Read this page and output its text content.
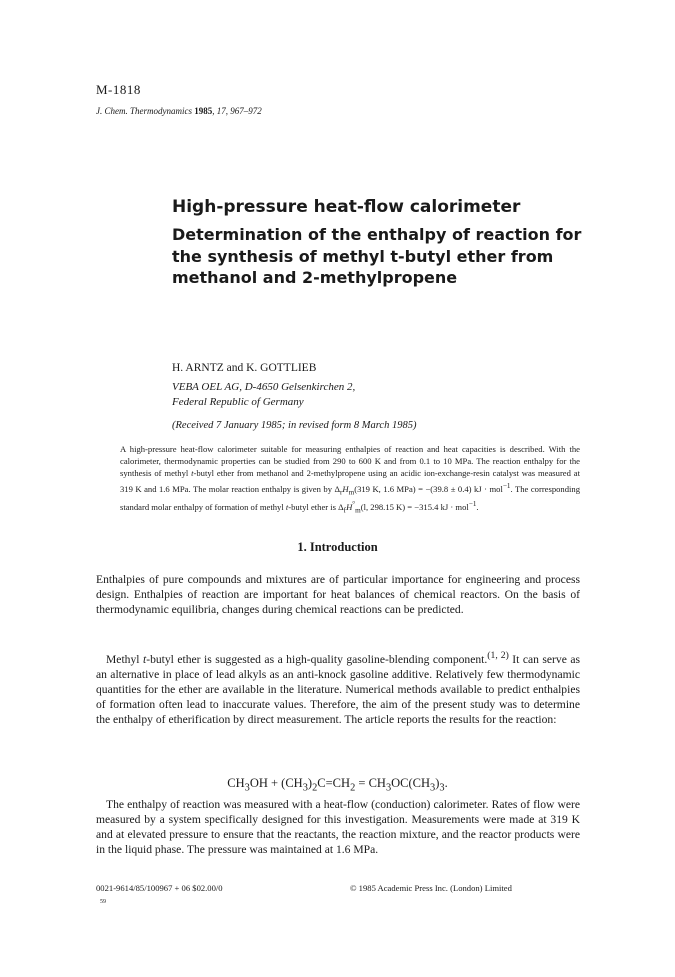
M-1818
J. Chem. Thermodynamics 1985, 17, 967–972
High-pressure heat-flow calorimeter
Determination of the enthalpy of reaction for the synthesis of methyl t-butyl ether from methanol and 2-methylpropene
H. ARNTZ and K. GOTTLIEB
VEBA OEL AG, D-4650 Gelsenkirchen 2,
Federal Republic of Germany
(Received 7 January 1985; in revised form 8 March 1985)
A high-pressure heat-flow calorimeter suitable for measuring enthalpies of reaction and heat capacities is described. With the calorimeter, thermodynamic properties can be studied from 290 to 600 K and from 0.1 to 10 MPa. The reaction enthalpy for the synthesis of methyl t-butyl ether from methanol and 2-methylpropene using an acidic ion-exchange-resin catalyst was measured at 319 K and 1.6 MPa. The molar reaction enthalpy is given by $\Delta_rH_m(319$ K, 1.6 MPa) = −(39.8 ± 0.4) kJ · mol$^{-1}$. The corresponding standard molar enthalpy of formation of methyl t-butyl ether is $\Delta_fH^\circ_m(l$, 298.15 K) = −315.4 kJ · mol$^{-1}$.
1. Introduction
Enthalpies of pure compounds and mixtures are of particular importance for engineering and process design. Enthalpies of reaction are important for heat balances of chemical reactors. On the basis of thermodynamic equilibria, changes during chemical reactions can be predicted.
Methyl t-butyl ether is suggested as a high-quality gasoline-blending component.$^{(1, 2)}$ It can serve as an alternative in place of lead alkyls as an anti-knock gasoline additive. Relatively few thermodynamic quantities for the ether are available in the literature. Numerical methods available to predict enthalpies of formation often lead to inaccurate values. Therefore, the aim of the present study was to determine the enthalpy of etherification by direct measurement. The article reports the results for the reaction:
$CH_3OH + (CH_3)_2C=CH_2 = CH_3OC(CH_3)_3$.
The enthalpy of reaction was measured with a heat-flow (conduction) calorimeter. Rates of flow were measured by a system specifically designed for this investigation. Measurements were made at 319 K and at elevated pressure to ensure that the reactants, the reaction mixture, and the reactor products were in the liquid phase. The pressure was maintained at 1.6 MPa.
0021-9614/85/100967 + 06 $02.00/0	© 1985 Academic Press Inc. (London) Limited
59
